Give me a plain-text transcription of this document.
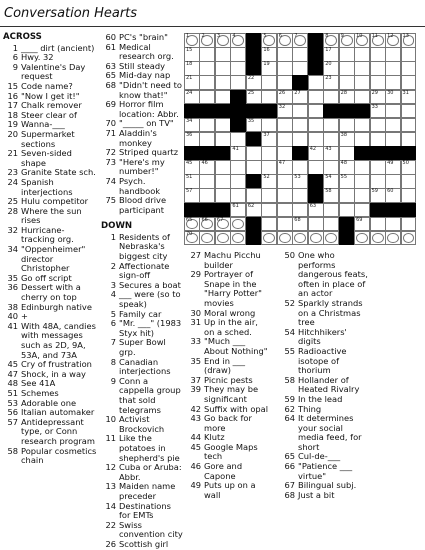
Conversation Hearts
ACROSS
1 ____ dirt (ancient)
6 Hwy. 32
9 Valentine's Day request
15 Code name?
16 "Now I get it!"
17 Chalk remover
18 Steer clear of
19 Wanna-___
20 Supermarket sections
21 Seven-sided shape
23 Granite State sch.
24 Spanish interjections
25 Hulu competitor
28 Where the sun rises
32 Hurricane-tracking org.
34 "Oppenheimer" director Christopher
35 Go off script
36 Dessert with a cherry on top
38 Edinburgh native
40 +
41 With 48A, candies with messages such as 2D, 9A, 53A, and 73A
45 Cry of frustration
47 Shock, in a way
48 See 41A
51 Schemes
53 Adorable one
56 Italian automaker
57 Antidepressant type, or Conn research program
58 Popular cosmetics chain
60 PC's "brain"
61 Medical research org.
63 Still steady
65 Mid-day nap
68 "Didn't need to know that!"
69 Horror film location: Abbr.
70 "_____ on TV"
71 Aladdin's monkey
72 Striped quartz
73 "Here's my number!"
74 Psych. handbook
75 Blood drive participant
DOWN
1 Residents of Nebraska's biggest city
2 Affectionate sign-off
3 Secures a boat
4 ___ were (so to speak)
5 Family car
6 "Mr. ___" (1983 Styx hit)
7 Super Bowl grp.
8 Canadian interjections
9 Conn a cappella group that sold telegrams
10 Activist Brockovich
11 Like the potatoes in shepherd's pie
12 Cuba or Aruba: Abbr.
13 Maiden name preceder
14 Destinations for EMTs
22 Swiss convention city
26 Scottish girl
27 Machu Picchu builder
29 Portrayer of Snape in the "Harry Potter" movies
30 Moral wrong
31 Up in the air, on a sched.
33 "Much ___ About Nothing"
35 End in ___ (draw)
37 Picnic pests
39 They may be significant
42 Suffix with opal
43 Go back for more
44 Klutz
45 Google Maps tech
46 Gore and Capone
49 Puts up on a wall
50 One who performs dangerous feats, often in place of an actor
52 Sparkly strands on a Christmas tree
54 Hitchhikers' digits
55 Radioactive isotope of thorium
58 Hollander of Heated Rivalry
59 In the lead
62 Thing
64 It determines your social media feed, for short
65 Cul-de-___
66 "Patience ___ virtue"
67 Bilingual subj.
68 Just a bit
1 2 3 4	5 6 7	8 9 10 11 12 13
15	16	17
18	19	20
21	22	23
24	25	26 27	28	29 30 31
32	33
34	35
36	37	38
41	42 43
45 46	47	48	49 50
51	52	53	54 55
57	58	59 60
61 62	63
65 66 67	68	69
70
